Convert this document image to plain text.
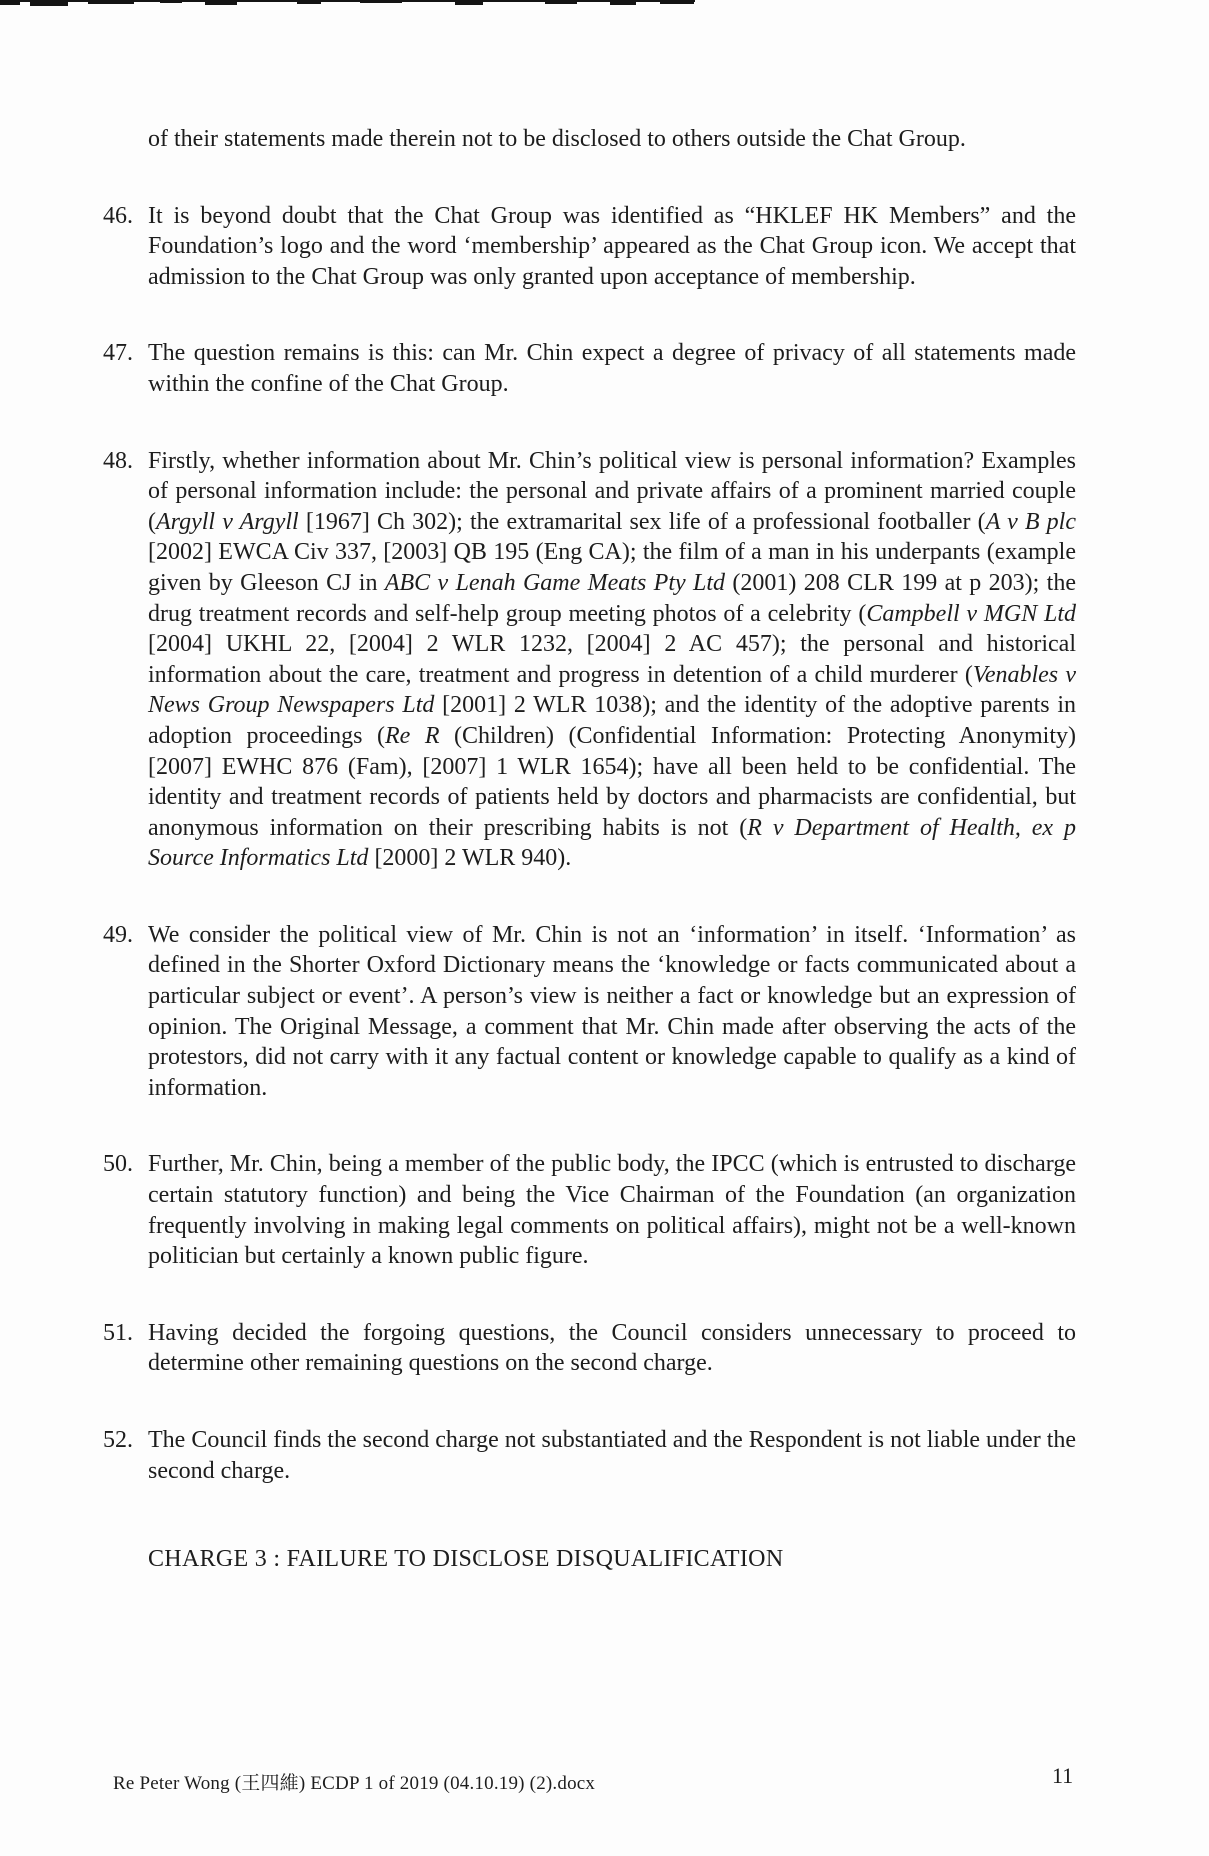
of their statements made therein not to be disclosed to others outside the Chat Group.

46. It is beyond doubt that the Chat Group was identified as “HKLEF HK Members” and the Foundation’s logo and the word ‘membership’ appeared as the Chat Group icon. We accept that admission to the Chat Group was only granted upon acceptance of membership.

47. The question remains is this: can Mr. Chin expect a degree of privacy of all statements made within the confine of the Chat Group.

48. Firstly, whether information about Mr. Chin’s political view is personal information? Examples of personal information include: the personal and private affairs of a prominent married couple (Argyll v Argyll [1967] Ch 302); the extramarital sex life of a professional footballer (A v B plc [2002] EWCA Civ 337, [2003] QB 195 (Eng CA); the film of a man in his underpants (example given by Gleeson CJ in ABC v Lenah Game Meats Pty Ltd (2001) 208 CLR 199 at p 203); the drug treatment records and self-help group meeting photos of a celebrity (Campbell v MGN Ltd [2004] UKHL 22, [2004] 2 WLR 1232, [2004] 2 AC 457); the personal and historical information about the care, treatment and progress in detention of a child murderer (Venables v News Group Newspapers Ltd [2001] 2 WLR 1038); and the identity of the adoptive parents in adoption proceedings (Re R (Children) (Confidential Information: Protecting Anonymity) [2007] EWHC 876 (Fam), [2007] 1 WLR 1654); have all been held to be confidential. The identity and treatment records of patients held by doctors and pharmacists are confidential, but anonymous information on their prescribing habits is not (R v Department of Health, ex p Source Informatics Ltd [2000] 2 WLR 940).

49. We consider the political view of Mr. Chin is not an ‘information’ in itself. ‘Information’ as defined in the Shorter Oxford Dictionary means the ‘knowledge or facts communicated about a particular subject or event’. A person’s view is neither a fact or knowledge but an expression of opinion. The Original Message, a comment that Mr. Chin made after observing the acts of the protestors, did not carry with it any factual content or knowledge capable to qualify as a kind of information.

50. Further, Mr. Chin, being a member of the public body, the IPCC (which is entrusted to discharge certain statutory function) and being the Vice Chairman of the Foundation (an organization frequently involving in making legal comments on political affairs), might not be a well-known politician but certainly a known public figure.

51. Having decided the forgoing questions, the Council considers unnecessary to proceed to determine other remaining questions on the second charge.

52. The Council finds the second charge not substantiated and the Respondent is not liable under the second charge.

CHARGE 3 : FAILURE TO DISCLOSE DISQUALIFICATION

Re Peter Wong (王四維) ECDP 1 of 2019 (04.10.19) (2).docx	11
